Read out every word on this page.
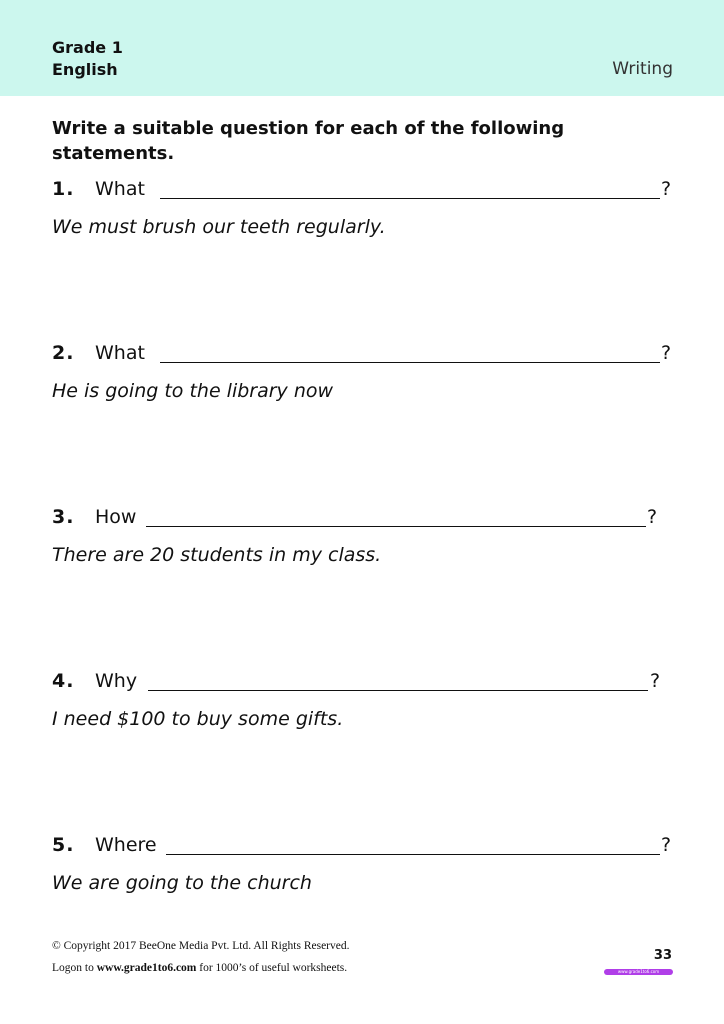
Grade 1
English	Writing
Write a suitable question for each of the following statements.
1. What	?
We must brush our teeth regularly.
2. What	?
He is going to the library now
3. How	?
There are 20 students in my class.
4. Why	?
I need $100 to buy some gifts.
5. Where	?
We are going to the church
© Copyright 2017 BeeOne Media Pvt. Ltd. All Rights Reserved.
Logon to www.grade1to6.com for 1000’s of useful worksheets.
33
www.grade1to6.com
